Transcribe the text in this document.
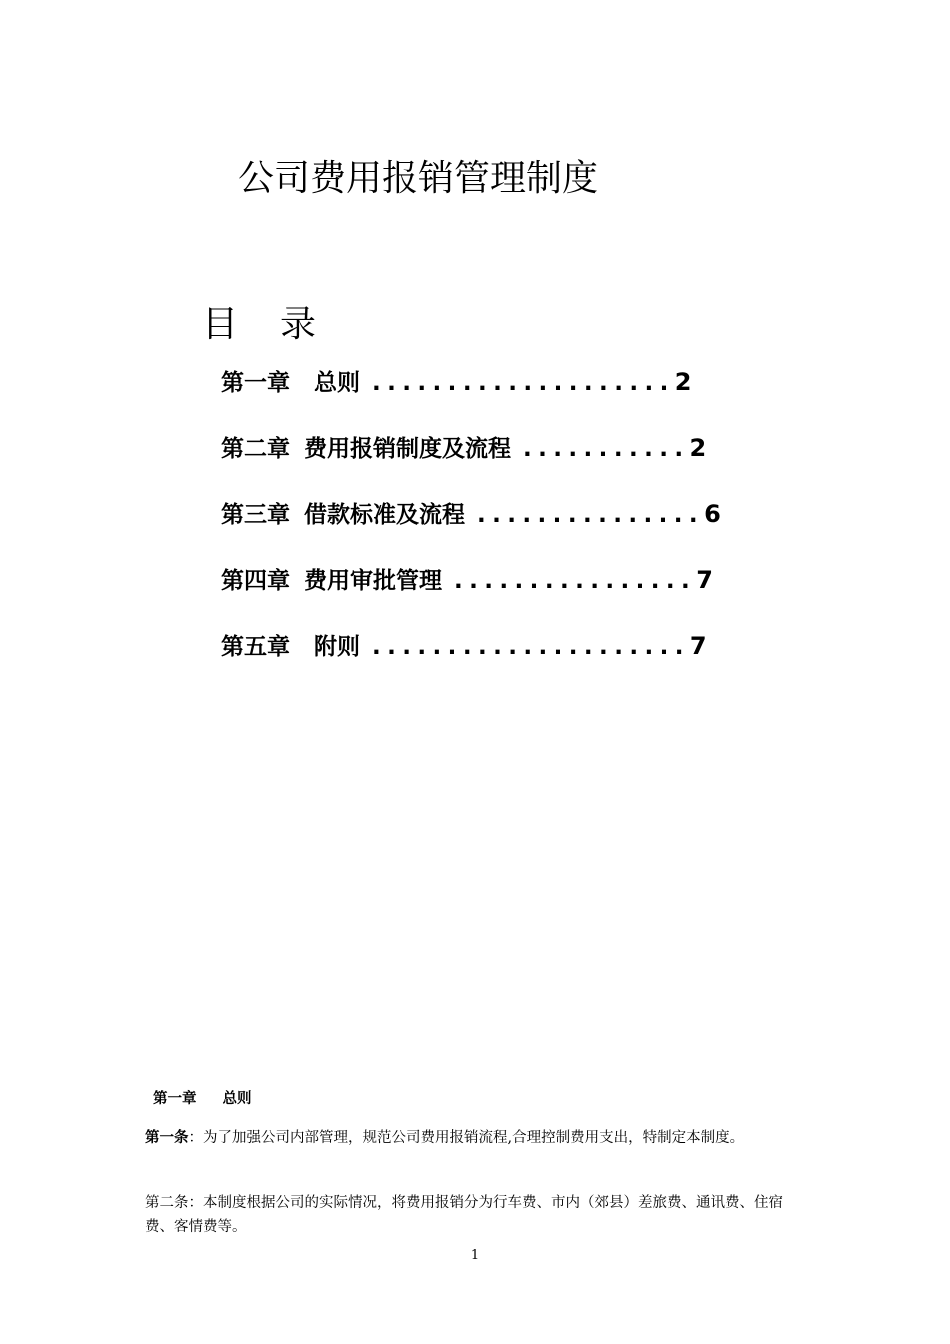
公司费用报销管理制度
目 录
第一章 总则 ....................2
第二章 费用报销制度及流程 ...........2
第三章 借款标准及流程 ...............6
第四章 费用审批管理 ................7
第五章 附则 .....................7
第一章 总则
第一条：为了加强公司内部管理，规范公司费用报销流程,合理控制费用支出，特制定本制度。
第二条：本制度根据公司的实际情况，将费用报销分为行车费、市内（郊县）差旅费、通讯费、住宿费、客情费等。
1
